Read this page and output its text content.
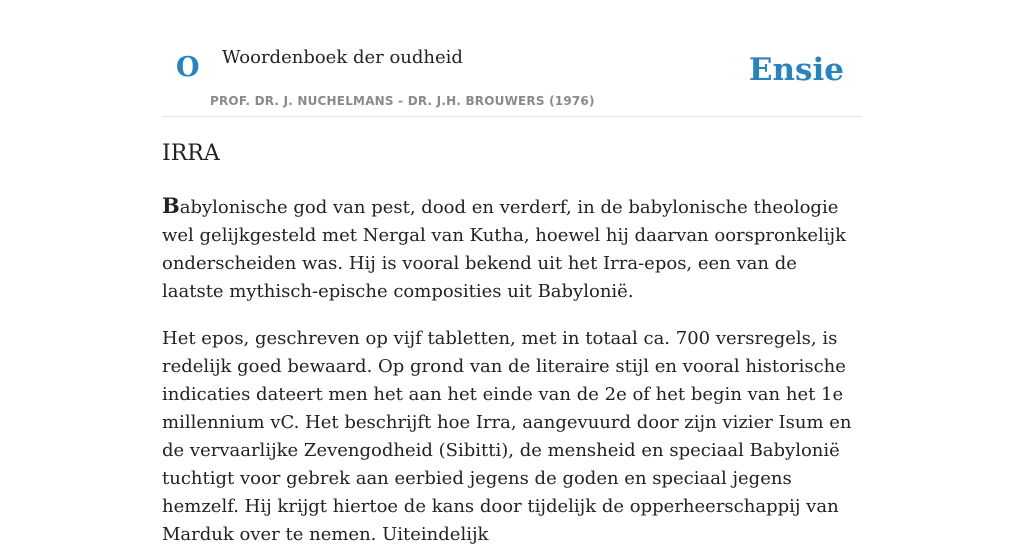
O Woordenboek der oudheid	Ensie
PROF. DR. J. NUCHELMANS - DR. J.H. BROUWERS (1976)
IRRA

Babylonische god van pest, dood en verderf, in de babylonische theologie wel gelijkgesteld met Nergal van Kutha, hoewel hij daarvan oorspronkelijk onderscheiden was. Hij is vooral bekend uit het Irra-epos, een van de laatste mythisch-epische composities uit Babylonië.

Het epos, geschreven op vijf tabletten, met in totaal ca. 700 versregels, is redelijk goed bewaard. Op grond van de literaire stijl en vooral historische indicaties dateert men het aan het einde van de 2e of het begin van het 1e millennium vC. Het beschrijft hoe Irra, aangevuurd door zijn vizier Isum en de vervaarlijke Zevengodheid (Sibitti), de mensheid en speciaal Babylonië tuchtigt voor gebrek aan eerbied jegens de goden en speciaal jegens hemzelf. Hij krijgt hiertoe de kans door tijdelijk de opperheerschappij van Marduk over te nemen. Uiteindelijk
